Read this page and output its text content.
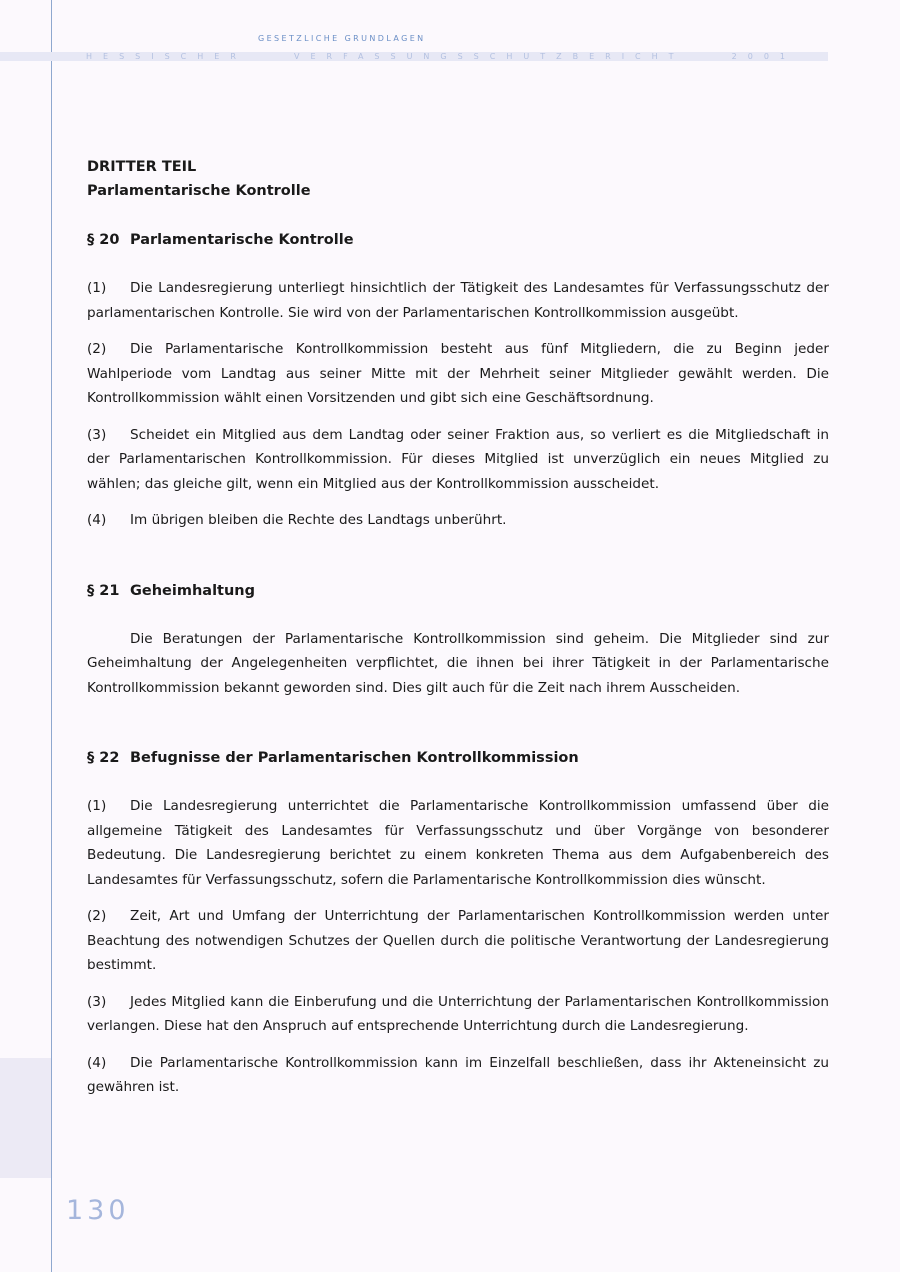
GESETZLICHE GRUNDLAGEN
HESSISCHER	VERFASSUNGSSCHUTZBERICHT	2001
130
DRITTER TEIL
Parlamentarische Kontrolle
§ 20 Parlamentarische Kontrolle

(1) Die Landesregierung unterliegt hinsichtlich der Tätigkeit des Landesamtes für Verfassungsschutz der parlamentarischen Kontrolle. Sie wird von der Parlamentarischen Kontrollkommission ausgeübt.

(2) Die Parlamentarische Kontrollkommission besteht aus fünf Mitgliedern, die zu Beginn jeder Wahlperiode vom Landtag aus seiner Mitte mit der Mehrheit seiner Mitglieder gewählt werden. Die Kontrollkommission wählt einen Vorsitzenden und gibt sich eine Geschäftsordnung.

(3) Scheidet ein Mitglied aus dem Landtag oder seiner Fraktion aus, so verliert es die Mitgliedschaft in der Parlamentarischen Kontrollkommission. Für dieses Mitglied ist unverzüglich ein neues Mitglied zu wählen; das gleiche gilt, wenn ein Mitglied aus der Kontrollkommission ausscheidet.

(4) Im übrigen bleiben die Rechte des Landtags unberührt.

§ 21 Geheimhaltung

Die Beratungen der Parlamentarische Kontrollkommission sind geheim. Die Mitglieder sind zur Geheimhaltung der Angelegenheiten verpflichtet, die ihnen bei ihrer Tätigkeit in der Parlamentarische Kontrollkommission bekannt geworden sind. Dies gilt auch für die Zeit nach ihrem Ausscheiden.

§ 22 Befugnisse der Parlamentarischen Kontrollkommission

(1) Die Landesregierung unterrichtet die Parlamentarische Kontrollkommission umfassend über die allgemeine Tätigkeit des Landesamtes für Verfassungsschutz und über Vorgänge von besonderer Bedeutung. Die Landesregierung berichtet zu einem konkreten Thema aus dem Aufgabenbereich des Landesamtes für Verfassungsschutz, sofern die Parlamentarische Kontrollkommission dies wünscht.

(2) Zeit, Art und Umfang der Unterrichtung der Parlamentarischen Kontrollkommission werden unter Beachtung des notwendigen Schutzes der Quellen durch die politische Verantwortung der Landesregierung bestimmt.

(3) Jedes Mitglied kann die Einberufung und die Unterrichtung der Parlamentarischen Kontrollkommission verlangen. Diese hat den Anspruch auf entsprechende Unterrichtung durch die Landesregierung.

(4) Die Parlamentarische Kontrollkommission kann im Einzelfall beschließen, dass ihr Akteneinsicht zu gewähren ist.
